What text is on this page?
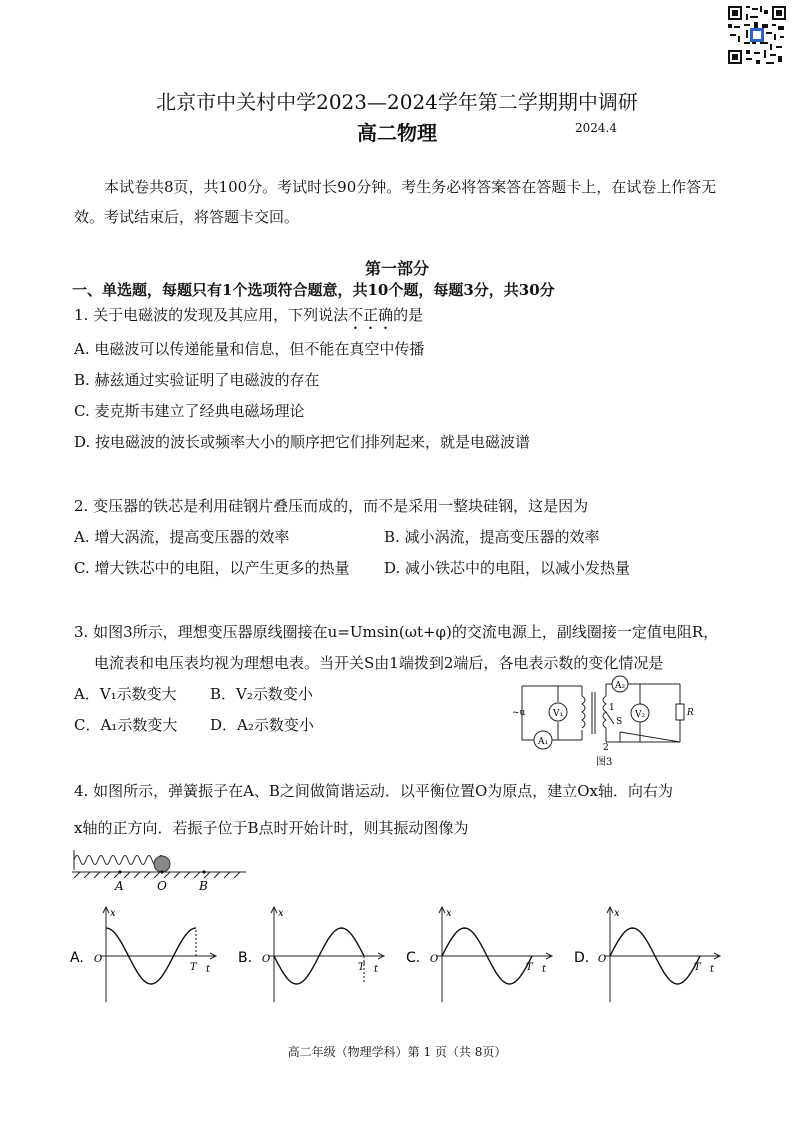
北京市中关村中学2023—2024学年第二学期期中调研
高二物理	2024.4
本试卷共8页，共100分。考试时长90分钟。考生务必将答案答在答题卡上，在试卷上作答无效。考试结束后，将答题卡交回。
第一部分
一、单选题，每题只有1个选项符合题意，共10个题，每题3分，共30分
1. 关于电磁波的发现及其应用，下列说法不正确的是
A. 电磁波可以传递能量和信息，但不能在真空中传播
B. 赫兹通过实验证明了电磁波的存在
C. 麦克斯韦建立了经典电磁场理论
D. 按电磁波的波长或频率大小的顺序把它们排列起来，就是电磁波谱
2. 变压器的铁芯是利用硅钢片叠压而成的，而不是采用一整块硅钢，这是因为
A. 增大涡流，提高变压器的效率	B. 减小涡流，提高变压器的效率
C. 增大铁芯中的电阻，以产生更多的热量 D. 减小铁芯中的电阻，以减小发热量
3. 如图3所示，理想变压器原线圈接在u=Umsin(ωt+φ)的交流电源上，副线圈接一定值电阻R，
电流表和电压表均视为理想电表。当开关S由1端拨到2端后，各电表示数的变化情况是
A．V₁示数变大 B．V₂示数变小
C．A₁示数变大 D．A₂示数变小
~u	V₁
A₁
A₂
V₂
1
2
S
R
图3
4. 如图所示，弹簧振子在A、B之间做简谐运动．以平衡位置O为原点，建立Ox轴．向右为
x轴的正方向．若振子位于B点时开始计时，则其振动图像为
A	O	B
A.
x
t
O
T
B.
x
t
O
T
C.
x
t
O
T
D.
x
t
O
T
高二年级（物理学科）第 1 页（共 8页）
